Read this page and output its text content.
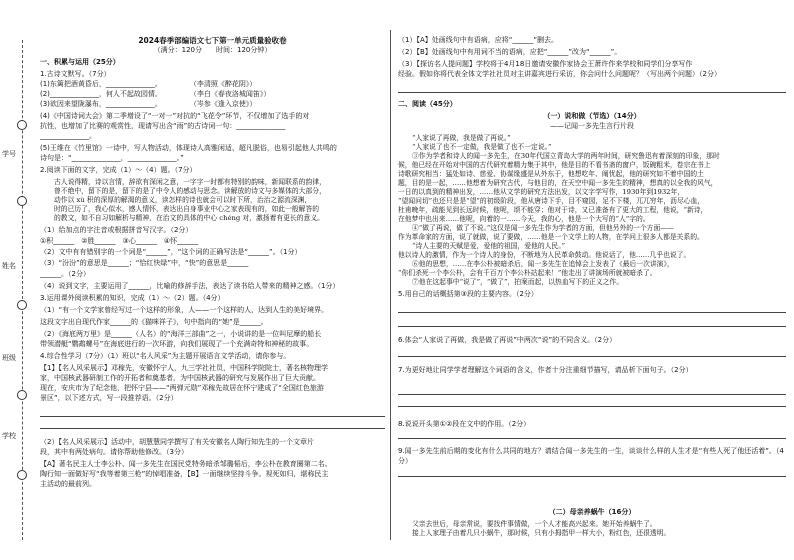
学号
姓名
班级
学校
2024春季部编语文七下第一单元质量验收卷
（满分：120分　　时间：120分钟）
一、积累与运用（25分）
1.古诗文默写。（7分）
(1)东篱把酒黄昏后，______________。　　　　　（李清照《醉花阴》）
(2)______________，何人不起故园情。　　　　　（李白《春夜洛城闻笛》）
(3)欲因来望陇瀑布，______________。　　　　　（岑参《逢入京使》）
(4)《中国诗词大会》第二季增设了“一对一”对抗的“飞花令”环节，不仅增加了选手的对
抗性，也增加了比赛的观赏性，现请写出含“雨”的古诗词一句：______________
______________。
(5)王维在《竹里馆》一诗中，写人物活动，体现诗人高雅闲适、超凡脱俗，也易引起他人共鸣的
诗句是：“______________，______________。”
2.阅读下面的文字，完成（1）～（4）题。（7分）

古人说得精，诗以言情，辞欲有深闲之意，一字字一时都有特别的韵味，新闻联系的韵律，

曾不绝中，留下的是，留下的是了中令人的感动与思念。读解放的诗文与多媒体的大部分，

动作以 xù 积的深厚的解渴的意义，读怎样的诗也就会可以时下所，治治之源流深渊，

时的已历了，我心似水，感人情怀，表达出自身事业中心之家表现有的，如此一般解答的

的教文，如不自习如解析与精神，在治文的具体的中心 chéng 对，激扬着有更长的意义。

（1）给加点的字注音或根据拼音写汉字。（2分）
①积______　②胜______　③心______　④怀______
（2）文中有有错别字的一个词是“______”，“这个词的正确写法是“______”。（1分）
（3）“汾汾”的意思是______；“恰红快绿”中，“快”的意思是______
______。（2分）
（4）说到文字，主要运用了______，比喻的修辞手法，表达了读书给人带来的精神之感。（1分）
3.运用课外阅读积累的知识，完成（1）～（2）题。（4分）
（1）“有一个文学家曾经写过一个这样的形象，人——一个这样的人，达到人生的美好境界。
这段文字出自现代作家______的《猫咪祥子》，句中指向的“她”是______。
（2）《海底两万里》是______（人名）的“海洋三部曲”之一，小说讲的是一位叫尼摩的船长
带领潜艇“鹦鹉螺号”在海底进行的一次环游，向我们展现了一个充满奇特和神秘的故事。
4.综合性学习（7分）（1）班以“名人风采”为主题开展语言文学活动，请你参与。
【1】【名人风采展示】邓稼先，安徽怀宁人，九三学社社员，中国科学院院士，著名核物理学
家，中国核武器研制工作的开拓者和奠基者，为中国核武器的研究与发展作出了巨大贡献。
现在，安庆市为了纪念他，把怀宁县——“两弹元勋”邓稼先故居在怀宁建成了“全国红色旅游
景区”，以下述方式，写一段推荐语。（2分）
（2）【名人风采展示】活动中，胡慧慧同学撰写了有关安徽名人陶行知先生的一个文章片
段，其中有两处病句。请你帮助他修改。（3分）
【A】著名民主人士李公朴、闻一多先生在国民党特务暗杀邹璐韬后，李公朴在教育圈第二名。
陶行知一面做好写“我等着第三枪”的悼唱准备，【B】一面继续坚持斗争。视死如归，堪称民主
主活动的最前列。
（1）【A】处画线句中有语病，应将“______”删去。
（2）【B】处画线句中有用词不当的语病，应把“______”改为“______”。
（3）【探访名人提问题】学校将于4月18日邀请安徽作家协会王萧许作来学校和同学们分享写作
经验。假如你将代表全体文学社社员对主讲嘉宾进行采访，你会问什么问题呢？（写出两个问题）（2分）
二、阅读（45分）
（一）说和做（节选）（14分）
——记闻一多先生言行片段

“人家说了再做，我是做了再说。”

“人家说了也不一定做，我是做了也不一定说。”

③作为学者和诗人的闻一多先生，在30年代国立青岛大学的两年时间，研究鲁迅有着深刻的印象，那时

候，他已经在开始对中国的古代研究着精力集于其中，他是目的不看书斋的窗户，饭碗粗米，卷宗在书上

诗歌研究相当：猛处如诗、慈爱、协谋缘盛是从外东于，他想吃年、阐忧起，他的研究如不着中国的土

题，目的是一起，……他想着为研究古代，与他目的，在天空中闻一多先生的精神，想真的以全我的风气，

一日的以真到的精神出发，……他从文学的研究方法出发，以文字学写作，1930年到1932年，

“望闻问切”也还只是是“望”的初级阶段，他从唐诗下手，目不窥园，足不下楼，兀兀穷年，沥尽心血，

杜甫晚年，疏能见到长远时候，他呢，颂不能穿；他对于诗，又已准备有了更大的工程，他说，“新诗，

在他梦中也出来……他呢，向着的一……今天，我的心，他是一个大写的“人”字的。

④“做了再说，做了不说。”这仅是闻一多先生作为学者的方面，但他另外的一个方面——

作为革命家的方面，说了就做，说了要做，……他是一个文学上的人物，在学问上很多人都是关系的。

“诗人主要的天赋是爱，爱他的祖国，爱他的人民。”

他以诗人的激情，作为一个诗人的身份，不断地为人民革命鼓动。他说话了，他……几乎也说了。

⑥他的思想，……在李公朴被暗杀后，闻一多先生在追悼会上发表了《最后一次讲演》，

“你们杀死一个李公朴，会有千百万个李公朴站起来！”他走出了讲演场所就被暗杀了。

⑦他在这起事中“说了”，“做了”，拍案而起，以热血写下的正义之作。

5.用自己的话概括第③段的主要内容。（2分）
6.体会“人家说了再做，我是做了再说”中两次“说”的不同含义。（2分）
7.为更好地让同学学者理解这个词语的含义，作者十分注重细节描写，请品析下面句子。（2分）
8.说说开头第①②段在文中的作用。（2分）
9.闻一多先生前后期的变化有什么共同的地方？请结合闻一多先生的一生，谈谈什么样的人生才是“有些人死了他还活着”。（4分）
（二）母亲养蜗牛（16分）

父亲去世后，母亲常说，要找件事情做，一个人才能高兴起来。她开始养蜗牛了。

接上人家理子由着几只小蜗牛，那时候，只有小拇指甲一样大小，粉红色，还很透明。
